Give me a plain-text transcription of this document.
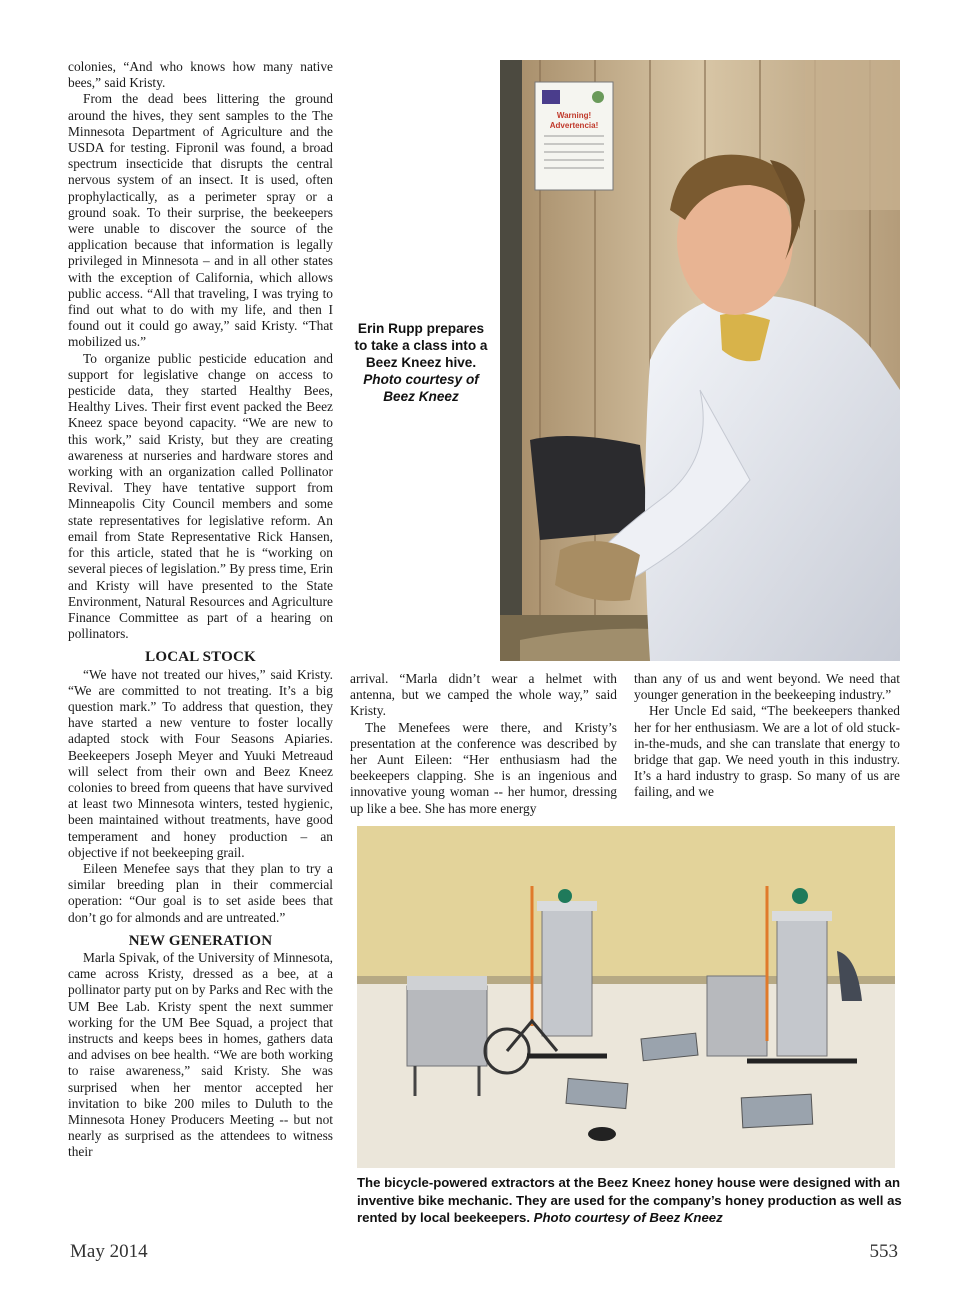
colonies, “And who knows how many native bees,” said Kristy.

From the dead bees littering the ground around the hives, they sent samples to the The Minnesota Department of Agriculture and the USDA for testing. Fipronil was found, a broad spectrum insecticide that disrupts the central nervous system of an insect. It is used, often prophylactically, as a perimeter spray or a ground soak. To their surprise, the beekeepers were unable to discover the source of the application because that information is legally privileged in Minnesota – and in all other states with the exception of California, which allows public access. “All that traveling, I was trying to find out what to do with my life, and then I found out it could go away,” said Kristy. “That mobilized us.”

To organize public pesticide education and support for legislative change on access to pesticide data, they started Healthy Bees, Healthy Lives. Their first event packed the Beez Kneez space beyond capacity. “We are new to this work,” said Kristy, but they are creating awareness at nurseries and hardware stores and working with an organization called Pollinator Revival. They have tentative support from Minneapolis City Council members and some state representatives for legislative reform. An email from State Representative Rick Hansen, for this article, stated that he is “working on several pieces of legislation.” By press time, Erin and Kristy will have presented to the State Environment, Natural Resources and Agriculture Finance Committee as part of a hearing on pollinators.

LOCAL STOCK

“We have not treated our hives,” said Kristy. “We are committed to not treating. It’s a big question mark.” To address that question, they have started a new venture to foster locally adapted stock with Four Seasons Apiaries. Beekeepers Joseph Meyer and Yuuki Metreaud will select from their own and Beez Kneez colonies to breed from queens that have survived at least two Minnesota winters, tested hygienic, been maintained without treatments, have good temperament and honey production – an objective if not beekeeping grail.

Eileen Menefee says that they plan to try a similar breeding plan in their commercial operation: “Our goal is to set aside bees that don’t go for almonds and are untreated.”

NEW GENERATION

Marla Spivak, of the University of Minnesota, came across Kristy, dressed as a bee, at a pollinator party put on by Parks and Rec with the UM Bee Lab. Kristy spent the next summer working for the UM Bee Squad, a project that instructs and keeps bees in homes, gathers data and advises on bee health. “We are both working to raise awareness,” said Kristy. She was surprised when her mentor accepted her invitation to bike 200 miles to Duluth to the Minnesota Honey Producers Meeting -- but not nearly as surprised as the attendees to witness their

Warning!
Advertencia!
Erin Rupp prepares to take a class into a Beez Kneez hive. Photo courtesy of Beez Kneez

arrival. “Marla didn’t wear a helmet with antenna, but we camped the whole way,” said Kristy.

The Menefees were there, and Kristy’s presentation at the conference was described by her Aunt Eileen: “Her enthusiasm had the beekeepers clapping. She is an ingenious and innovative young woman -- her humor, dressing up like a bee. She has more energy

than any of us and went beyond. We need that younger generation in the beekeeping industry.”

Her Uncle Ed said, “The beekeepers thanked her for her enthusiasm. We are a lot of old stuck-in-the-muds, and she can translate that energy to bridge that gap. We need youth in this industry. It’s a hard industry to grasp. So many of us are failing, and we

The bicycle-powered extractors at the Beez Kneez honey house were designed with an inventive bike mechanic. They are used for the company’s honey production as well as rented by local beekeepers. Photo courtesy of Beez Kneez
May 2014	553
